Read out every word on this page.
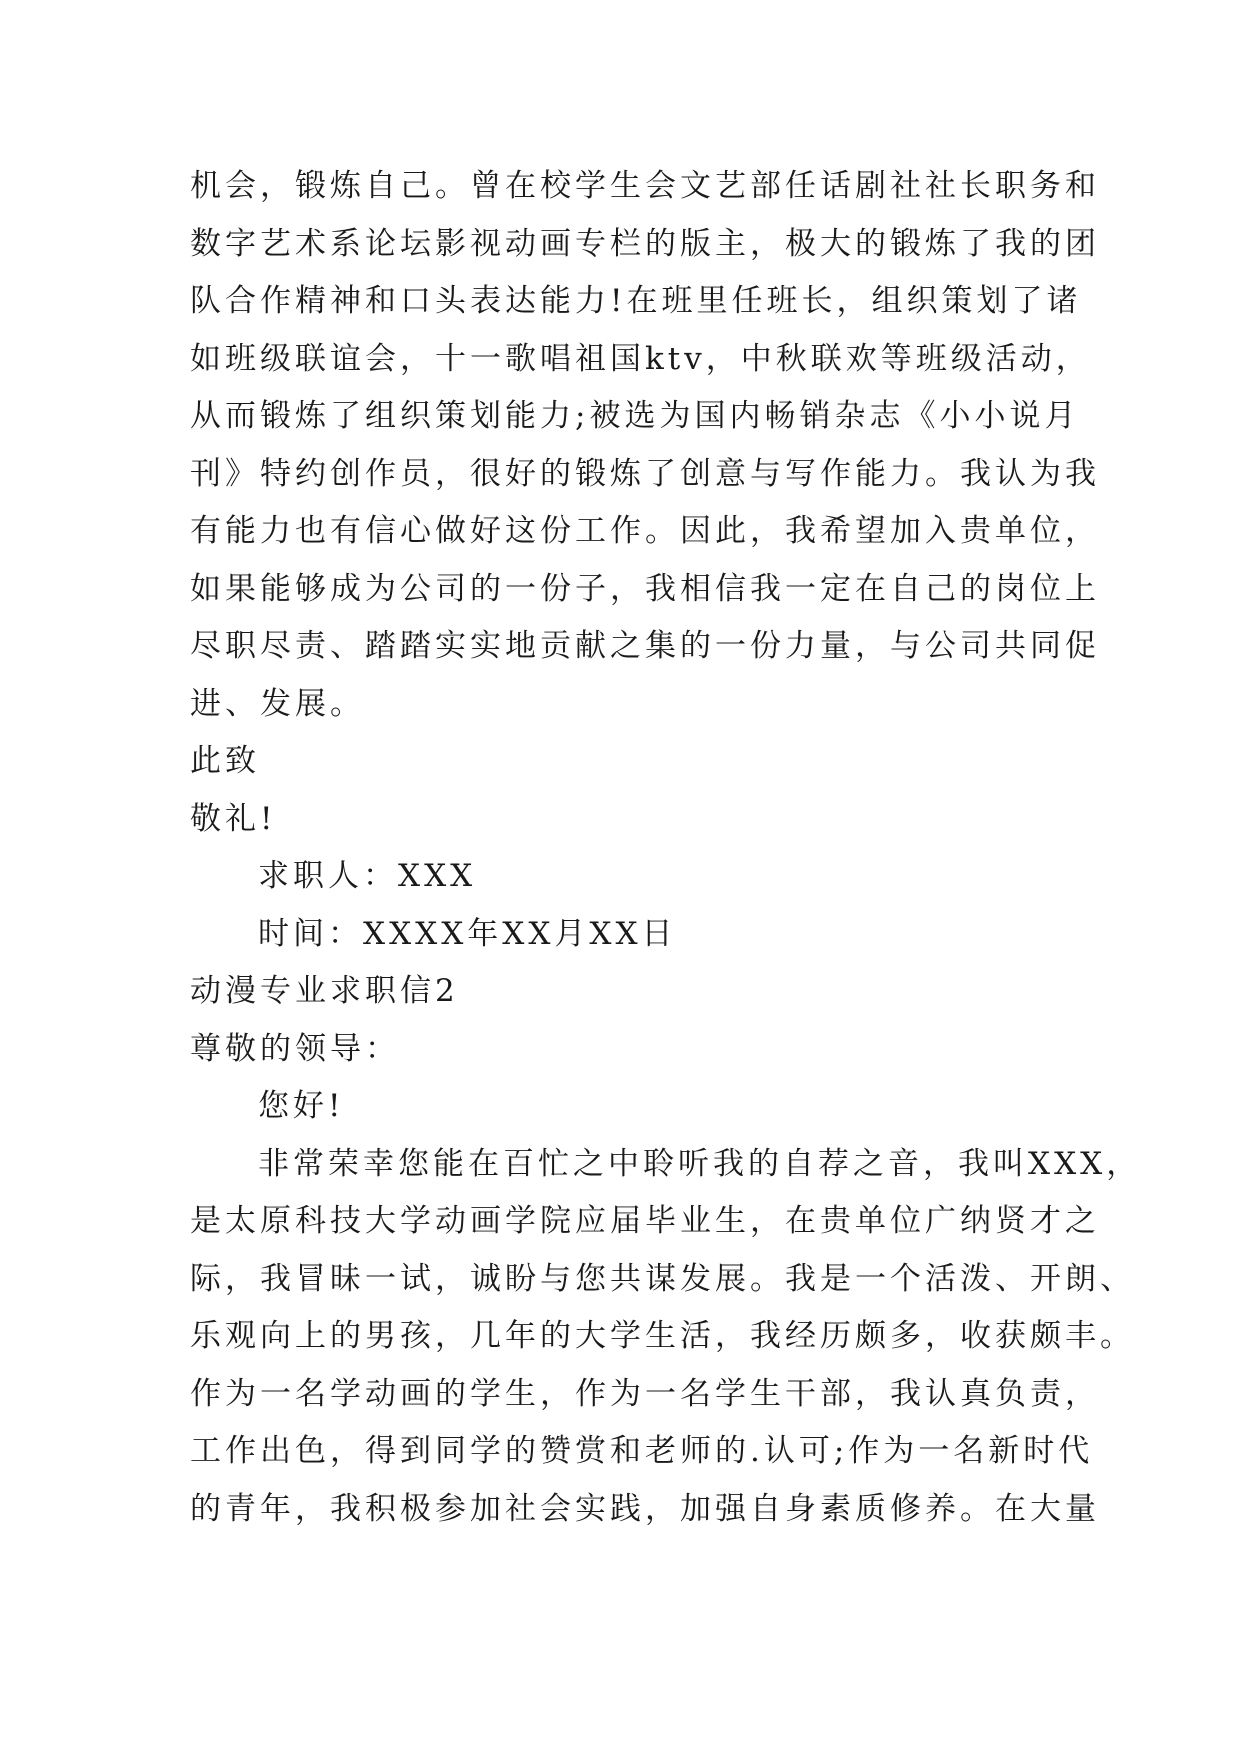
机会，锻炼自己。曾在校学生会文艺部任话剧社社长职务和
数字艺术系论坛影视动画专栏的版主，极大的锻炼了我的团
队合作精神和口头表达能力!在班里任班长，组织策划了诸
如班级联谊会，十一歌唱祖国ktv，中秋联欢等班级活动，
从而锻炼了组织策划能力;被选为国内畅销杂志《小小说月
刊》特约创作员，很好的锻炼了创意与写作能力。我认为我
有能力也有信心做好这份工作。因此，我希望加入贵单位，
如果能够成为公司的一份子，我相信我一定在自己的岗位上
尽职尽责、踏踏实实地贡献之集的一份力量，与公司共同促
进、发展。
此致
敬礼!
求职人：XXX
时间：XXXX年XX月XX日
动漫专业求职信2
尊敬的领导：
您好!
非常荣幸您能在百忙之中聆听我的自荐之音，我叫XXX，
是太原科技大学动画学院应届毕业生，在贵单位广纳贤才之
际，我冒昧一试，诚盼与您共谋发展。我是一个活泼、开朗、
乐观向上的男孩，几年的大学生活，我经历颇多，收获颇丰。
作为一名学动画的学生，作为一名学生干部，我认真负责，
工作出色，得到同学的赞赏和老师的.认可;作为一名新时代
的青年，我积极参加社会实践，加强自身素质修养。在大量
